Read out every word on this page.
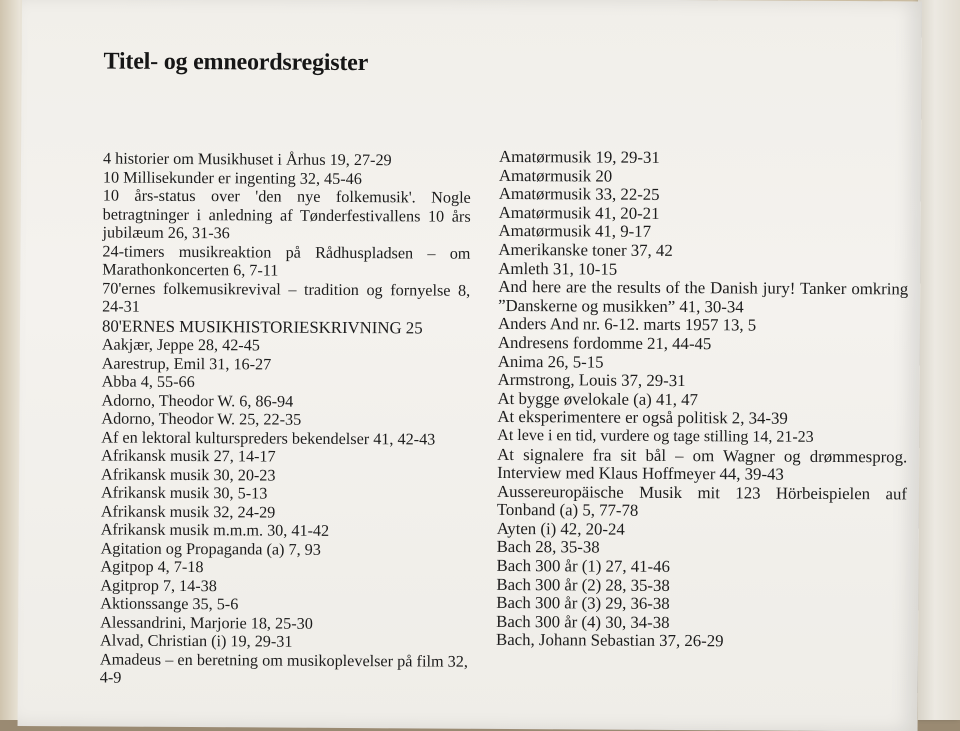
Titel- og emneordsregister

4 historier om Musikhuset i Århus 19, 27-29

10 Millisekunder er ingenting 32, 45-46

10 års-status over 'den nye folkemusik'. Nogle betragtninger i anledning af Tønderfestivallens 10 års jubilæum 26, 31-36

24-timers musikreaktion på Rådhuspladsen – om Marathonkoncerten 6, 7-11

70'ernes folkemusikrevival – tradition og fornyelse 8, 24-31

80'ERNES MUSIKHISTORIESKRIVNING 25

Aakjær, Jeppe 28, 42-45

Aarestrup, Emil 31, 16-27

Abba 4, 55-66

Adorno, Theodor W. 6, 86-94

Adorno, Theodor W. 25, 22-35

Af en lektoral kulturspreders bekendelser 41, 42-43

Afrikansk musik 27, 14-17

Afrikansk musik 30, 20-23

Afrikansk musik 30, 5-13

Afrikansk musik 32, 24-29

Afrikansk musik m.m.m. 30, 41-42

Agitation og Propaganda (a) 7, 93

Agitpop 4, 7-18

Agitprop 7, 14-38

Aktionssange 35, 5-6

Alessandrini, Marjorie 18, 25-30

Alvad, Christian (i) 19, 29-31

Amadeus – en beretning om musikoplevelser på film 32, 4-9

Amatørmusik 19, 29-31

Amatørmusik 20

Amatørmusik 33, 22-25

Amatørmusik 41, 20-21

Amatørmusik 41, 9-17

Amerikanske toner 37, 42

Amleth 31, 10-15

And here are the results of the Danish jury! Tanker omkring ”Danskerne og musikken” 41, 30-34

Anders And nr. 6-12. marts 1957 13, 5

Andresens fordomme 21, 44-45

Anima 26, 5-15

Armstrong, Louis 37, 29-31

At bygge øvelokale (a) 41, 47

At eksperimentere er også politisk 2, 34-39

At leve i en tid, vurdere og tage stilling 14, 21-23

At signalere fra sit bål – om Wagner og drømmesprog. Interview med Klaus Hoffmeyer 44, 39-43

Aussereuropäische Musik mit 123 Hörbeispielen auf Tonband (a) 5, 77-78

Ayten (i) 42, 20-24

Bach 28, 35-38

Bach 300 år (1) 27, 41-46

Bach 300 år (2) 28, 35-38

Bach 300 år (3) 29, 36-38

Bach 300 år (4) 30, 34-38

Bach, Johann Sebastian 37, 26-29
